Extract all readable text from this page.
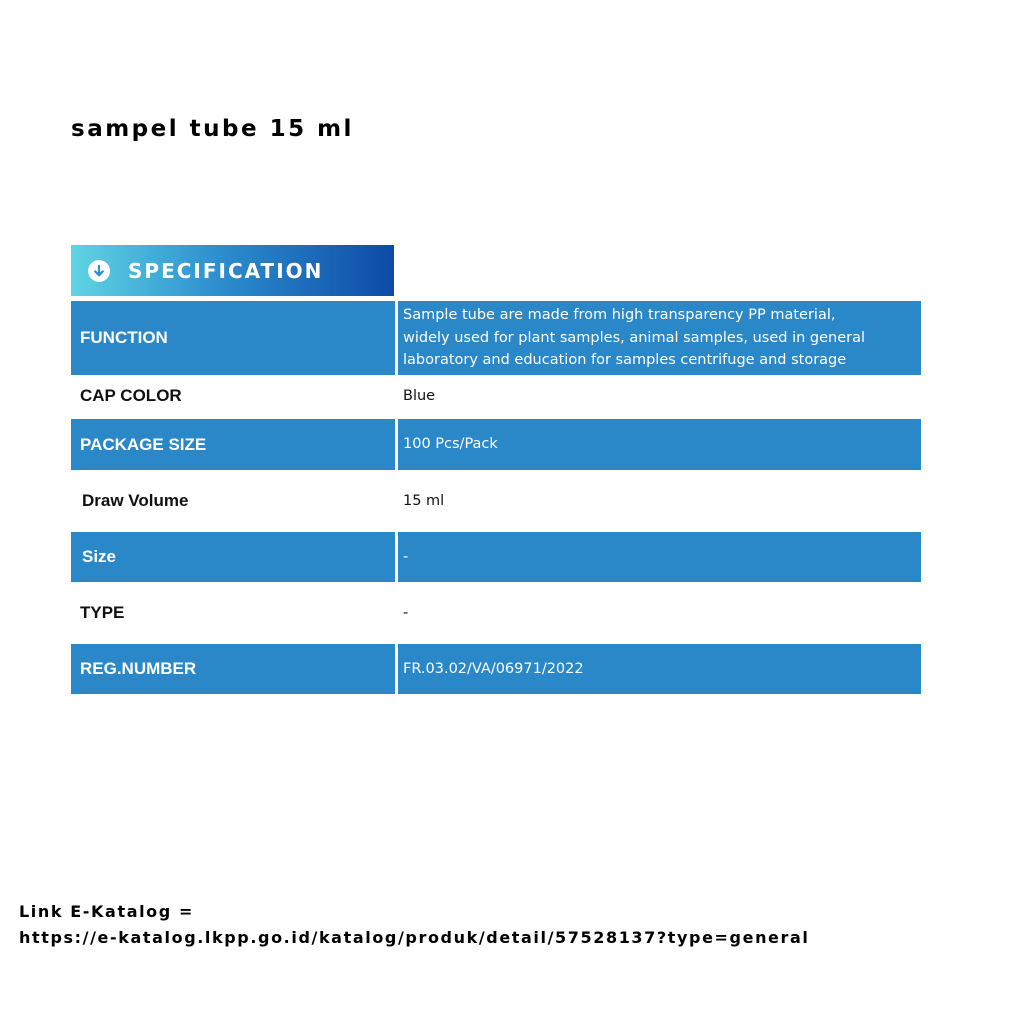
sampel tube 15 ml
SPECIFICATION
FUNCTION
Sample tube are made from high transparency PP material,
widely used for plant samples, animal samples, used in general
laboratory and education for samples centrifuge and storage
CAP COLOR	Blue
PACKAGE SIZE	100 Pcs/Pack
Draw Volume	15 ml
Size	-
TYPE	-
REG.NUMBER	FR.03.02/VA/06971/2022
Link E-Katalog =
https://e-katalog.lkpp.go.id/katalog/produk/detail/57528137?type=general
